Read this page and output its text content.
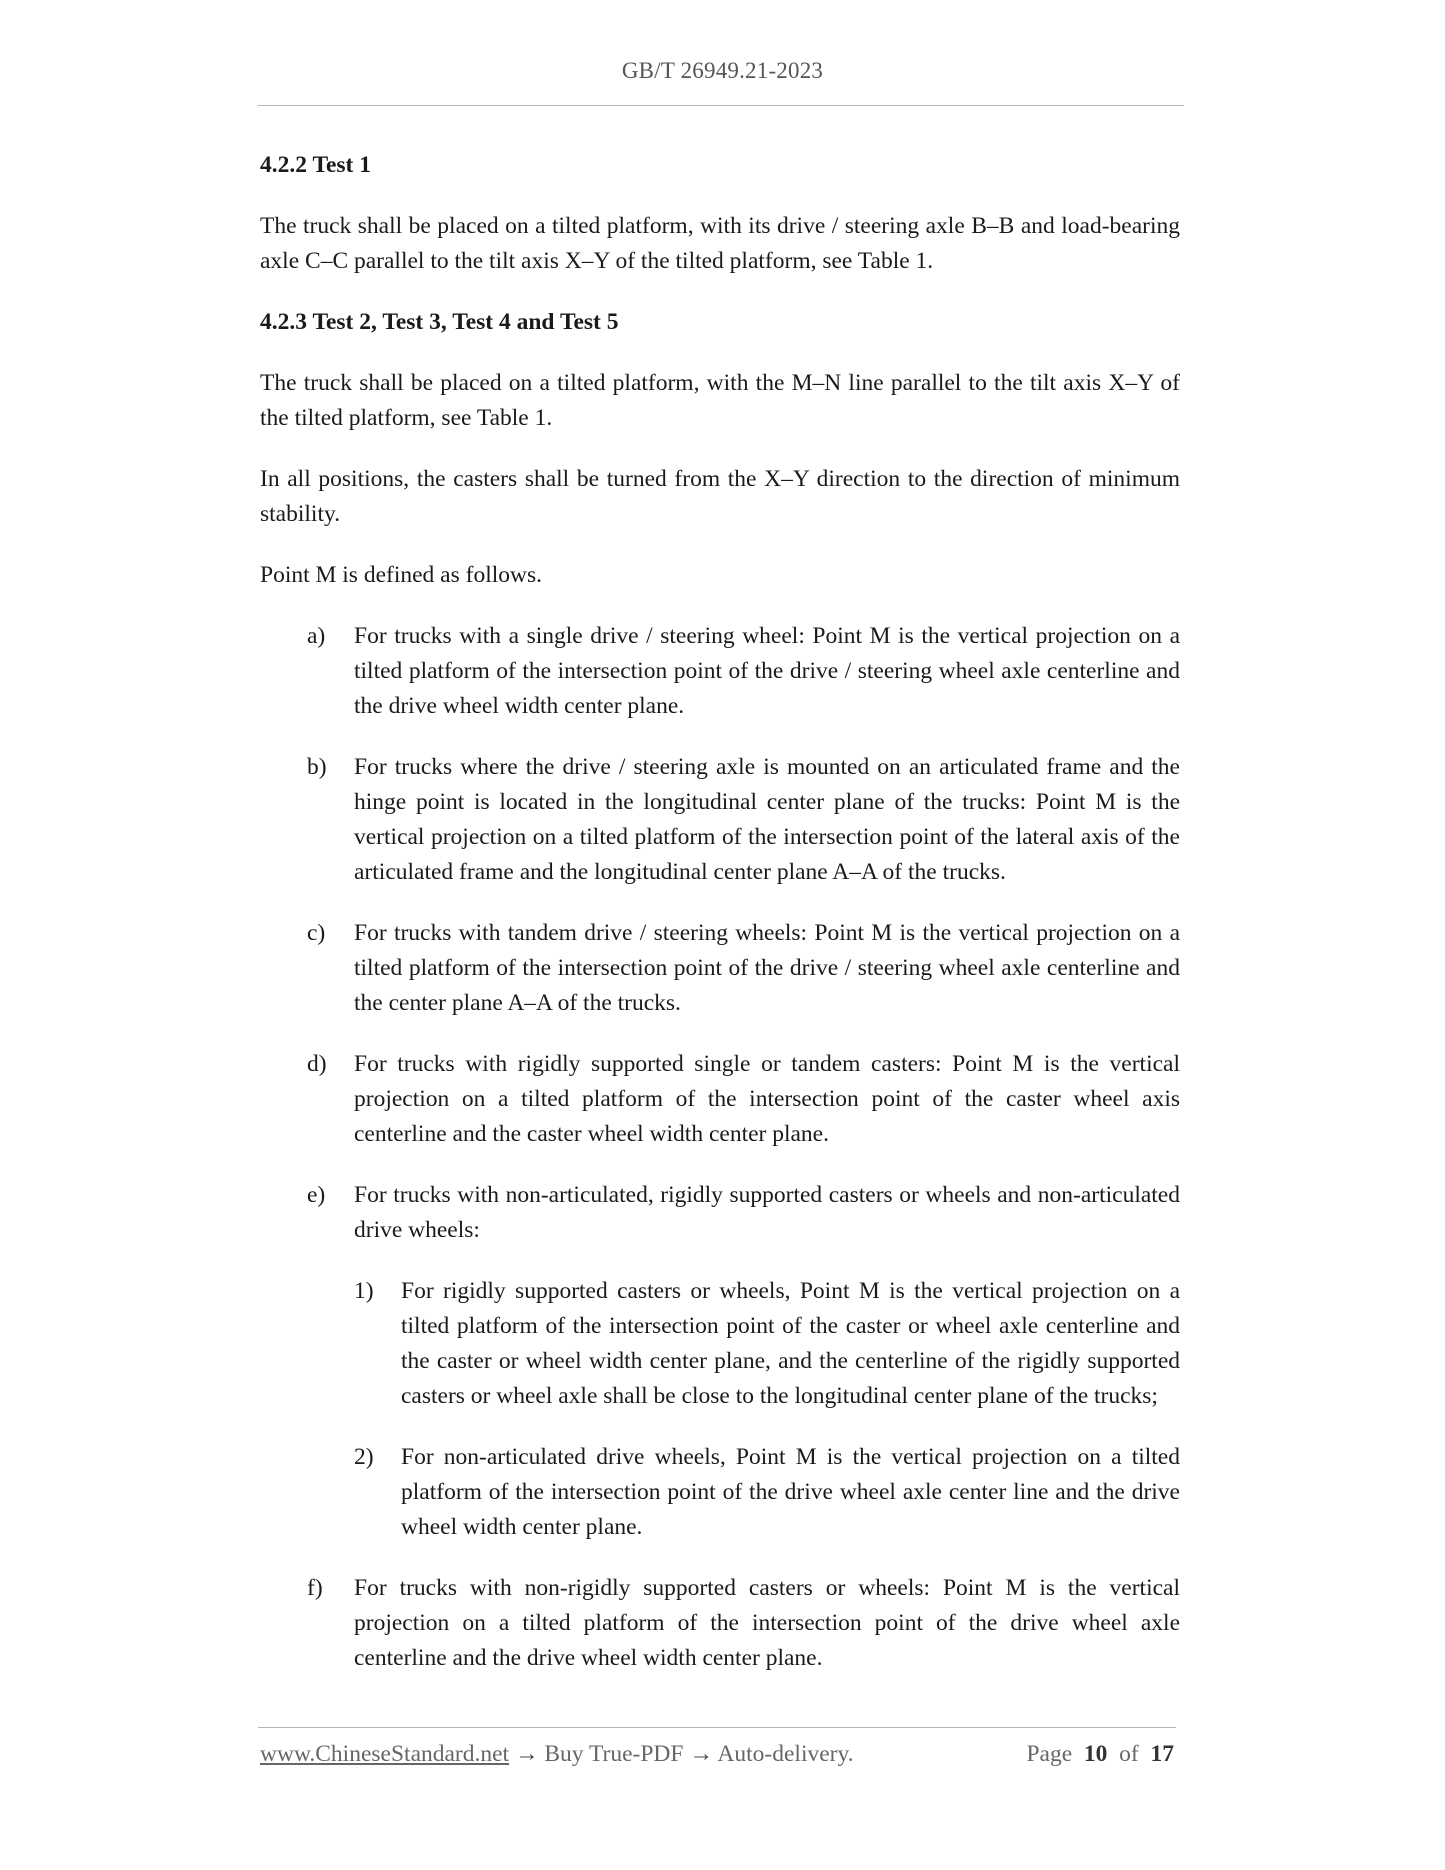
GB/T 26949.21-2023
4.2.2 Test 1

The truck shall be placed on a tilted platform, with its drive / steering axle B–B and load-bearing axle C–C parallel to the tilt axis X–Y of the tilted platform, see Table 1.

4.2.3 Test 2, Test 3, Test 4 and Test 5

The truck shall be placed on a tilted platform, with the M–N line parallel to the tilt axis X–Y of the tilted platform, see Table 1.

In all positions, the casters shall be turned from the X–Y direction to the direction of minimum stability.

Point M is defined as follows.

a)	For trucks with a single drive / steering wheel: Point M is the vertical projection on a tilted platform of the intersection point of the drive / steering wheel axle centerline and the drive wheel width center plane.
b)	For trucks where the drive / steering axle is mounted on an articulated frame and the hinge point is located in the longitudinal center plane of the trucks: Point M is the vertical projection on a tilted platform of the intersection point of the lateral axis of the articulated frame and the longitudinal center plane A–A of the trucks.
c)	For trucks with tandem drive / steering wheels: Point M is the vertical projection on a tilted platform of the intersection point of the drive / steering wheel axle centerline and the center plane A–A of the trucks.
d)	For trucks with rigidly supported single or tandem casters: Point M is the vertical projection on a tilted platform of the intersection point of the caster wheel axis centerline and the caster wheel width center plane.
e)	For trucks with non-articulated, rigidly supported casters or wheels and non-articulated drive wheels:
1)	For rigidly supported casters or wheels, Point M is the vertical projection on a tilted platform of the intersection point of the caster or wheel axle centerline and the caster or wheel width center plane, and the centerline of the rigidly supported casters or wheel axle shall be close to the longitudinal center plane of the trucks;
2)	For non-articulated drive wheels, Point M is the vertical projection on a tilted platform of the intersection point of the drive wheel axle center line and the drive wheel width center plane.
f)	For trucks with non-rigidly supported casters or wheels: Point M is the vertical projection on a tilted platform of the intersection point of the drive wheel axle centerline and the drive wheel width center plane.
www.ChineseStandard.net → Buy True-PDF → Auto-delivery.	Page 10 of 17
